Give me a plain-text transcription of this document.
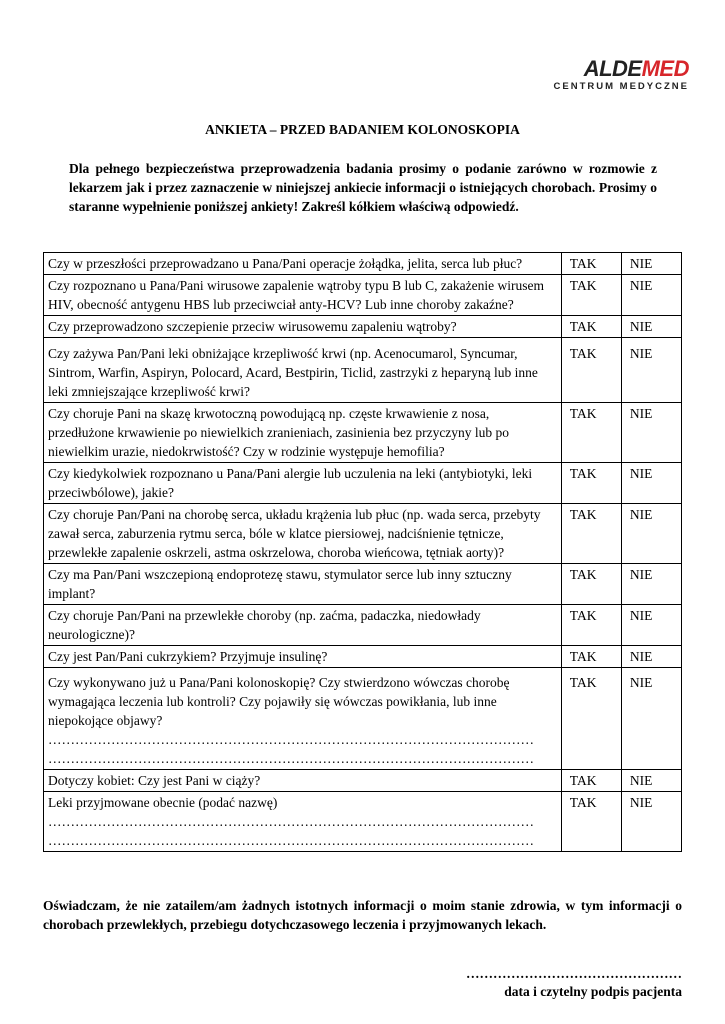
ALDEMED
CENTRUM MEDYCZNE
ANKIETA – PRZED BADANIEM KOLONOSKOPIA
Dla pełnego bezpieczeństwa przeprowadzenia badania prosimy o podanie zarówno w rozmowie z lekarzem jak i przez zaznaczenie w niniejszej ankiecie informacji o istniejących chorobach. Prosimy o staranne wypełnienie poniższej ankiety! Zakreśl kółkiem właściwą odpowiedź.
Czy w przeszłości przeprowadzano u Pana/Pani operacje żołądka, jelita, serca lub płuc?	TAK	NIE
Czy rozpoznano u Pana/Pani wirusowe zapalenie wątroby typu B lub C, zakażenie wirusem HIV, obecność antygenu HBS lub przeciwciał anty-HCV? Lub inne choroby zakaźne?	TAK	NIE
Czy przeprowadzono szczepienie przeciw wirusowemu zapaleniu wątroby?	TAK	NIE
Czy zażywa Pan/Pani leki obniżające krzepliwość krwi (np. Acenocumarol, Syncumar, Sintrom, Warfin, Aspiryn, Polocard, Acard, Bestpirin, Ticlid, zastrzyki z heparyną lub inne leki zmniejszające krzepliwość krwi?	TAK	NIE
Czy choruje Pani na skazę krwotoczną powodującą np. częste krwawienie z nosa, przedłużone krwawienie po niewielkich zranieniach, zasinienia bez przyczyny lub po niewielkim urazie, niedokrwistość? Czy w rodzinie występuje hemofilia?	TAK	NIE
Czy kiedykolwiek rozpoznano u Pana/Pani alergie lub uczulenia na leki (antybiotyki, leki przeciwbólowe), jakie?	TAK	NIE
Czy choruje Pan/Pani na chorobę serca, układu krążenia lub płuc (np. wada serca, przebyty zawał serca, zaburzenia rytmu serca, bóle w klatce piersiowej, nadciśnienie tętnicze, przewlekłe zapalenie oskrzeli, astma oskrzelowa, choroba wieńcowa, tętniak aorty)?	TAK	NIE
Czy ma Pan/Pani wszczepioną endoprotezę stawu, stymulator serce lub inny sztuczny implant?	TAK	NIE
Czy choruje Pan/Pani na przewlekłe choroby (np. zaćma, padaczka, niedowłady neurologiczne)?	TAK	NIE
Czy jest Pan/Pani cukrzykiem? Przyjmuje insulinę?	TAK	NIE

Czy wykonywano już u Pana/Pani kolonoskopię? Czy stwierdzono wówczas chorobę wymagająca leczenia lub kontroli? Czy pojawiły się wówczas powikłania, lub inne niepokojące objawy?
………………………………………………………………………………………………
………………………………………………………………………………………………	TAK	NIE
Dotyczy kobiet: Czy jest Pani w ciąży?	TAK	NIE

Leki przyjmowane obecnie (podać nazwę)
………………………………………………………………………………………………
………………………………………………………………………………………………	TAK	NIE
Oświadczam, że nie zatailem/am żadnych istotnych informacji o moim stanie zdrowia, w tym informacji o chorobach przewlekłych, przebiegu dotychczasowego leczenia i przyjmowanych lekach.
…………………………………………
data i czytelny podpis pacjenta
